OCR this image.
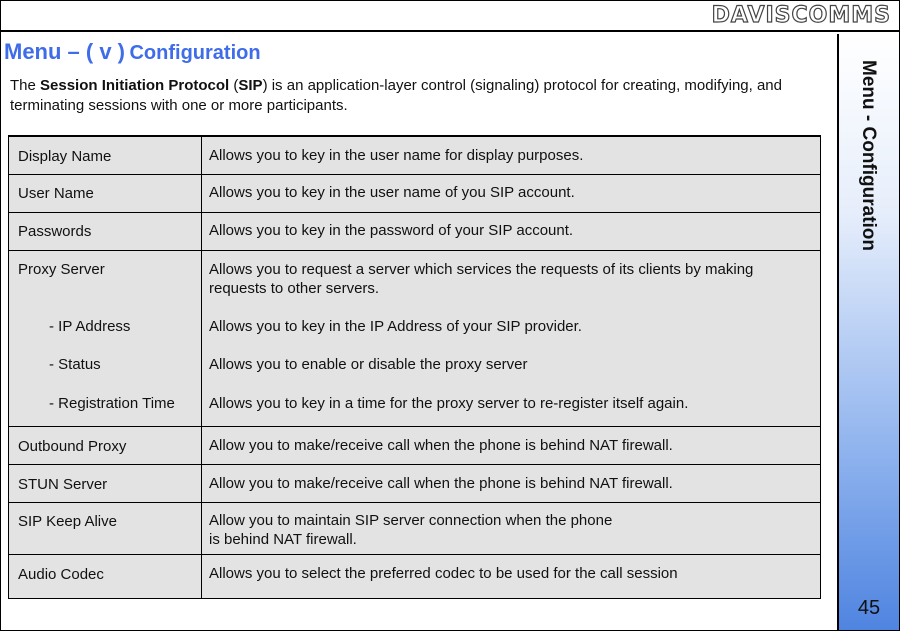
DAVISCOMMS
Menu – ( v ) Configuration
The Session Initiation Protocol (SIP) is an application-layer control (signaling) protocol for creating, modifying, and terminating sessions with one or more participants.
Display Name	Allows you to key in the user name for display purposes.
User Name	Allows you to key in the user name of you SIP account.
Passwords	Allows you to key in the password of your SIP account.
Proxy Server	Allows you to request a server which services the requests of its clients by making requests to other servers.
- IP Address	Allows you to key in the IP Address of your SIP provider.
- Status	Allows you to enable or disable the proxy server
- Registration Time Allows you to key in a time for the proxy server to re-register itself again.
Outbound Proxy	Allow you to make/receive call when the phone is behind NAT firewall.
STUN Server	Allow you to make/receive call when the phone is behind NAT firewall.
SIP Keep Alive	Allow you to maintain SIP server connection when the phone
is behind NAT firewall.
Audio Codec	Allows you to select the preferred codec to be used for the call session
Menu - Configuration
45
